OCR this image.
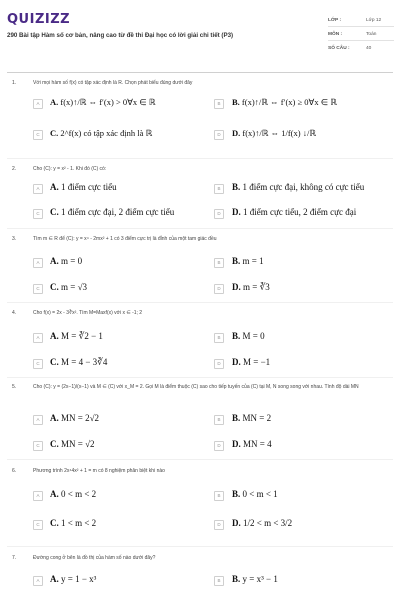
QUIZIZZ
290 Bài tập Hàm số cơ bản, nâng cao từ đề thi Đại học có lời giải chi tiết (P3)
LỚP :	Lớp 12
MÔN :	Toán
SỐ CÂU :	40
1.	Với mọi hàm số f(x) có tập xác định là R. Chọn phát biểu đúng dưới đây
A	A. f(x)↑/ℝ ⇔ f′(x) > 0∀x ∈ ℝ	B	B. f(x)↑/ℝ ⇔ f′(x) ≥ 0∀x ∈ ℝ
C	C. 2^f(x) có tập xác định là ℝ	D	D. f(x)↑/ℝ ⇔ 1/f(x) ↓/ℝ
2.	Cho (C): y = x² - 1. Khi đó (C) có:
A	A. 1 điểm cực tiểu	B	B. 1 điểm cực đại, không có cực tiểu
C	C. 1 điểm cực đại, 2 điểm cực tiểu	D	D. 1 điểm cực tiểu, 2 điểm cực đại
3.	Tìm m ∈ R để (C): y = x⁴ - 2mx² + 1 có 3 điểm cực trị là đỉnh của một tam giác đều
A	A. m = 0	B	B. m = 1
C	C. m = √3	D	D. m = ∛3
4.	Cho f(x) = 2x - 3∛x². Tìm M=Maxf(x) với x ∈ -1; 2
A	A. M = ∛2 − 1	B	B. M = 0
C	C. M = 4 − 3∛4	D	D. M = −1
5.	Cho (C): y = (2x−1)/(x−1) và M ∈ (C) với x_M = 2. Gọi M là điểm thuộc (C) sao cho tiếp tuyến của (C) tại M, N song song với nhau. Tính độ dài MN
A	A. MN = 2√2	B	B. MN = 2
C	C. MN = √2	D	D. MN = 4
6.	Phương trình 2x⁴4x² + 1 = m có 8 nghiệm phân biệt khi nào
A	A. 0 < m < 2	B	B. 0 < m < 1
C	C. 1 < m < 2	D	D. 1/2 < m < 3/2
7.	Đường cong ở bên là đồ thị của hàm số nào dưới đây?
A	A. y = 1 − x³	B	B. y = x³ − 1
